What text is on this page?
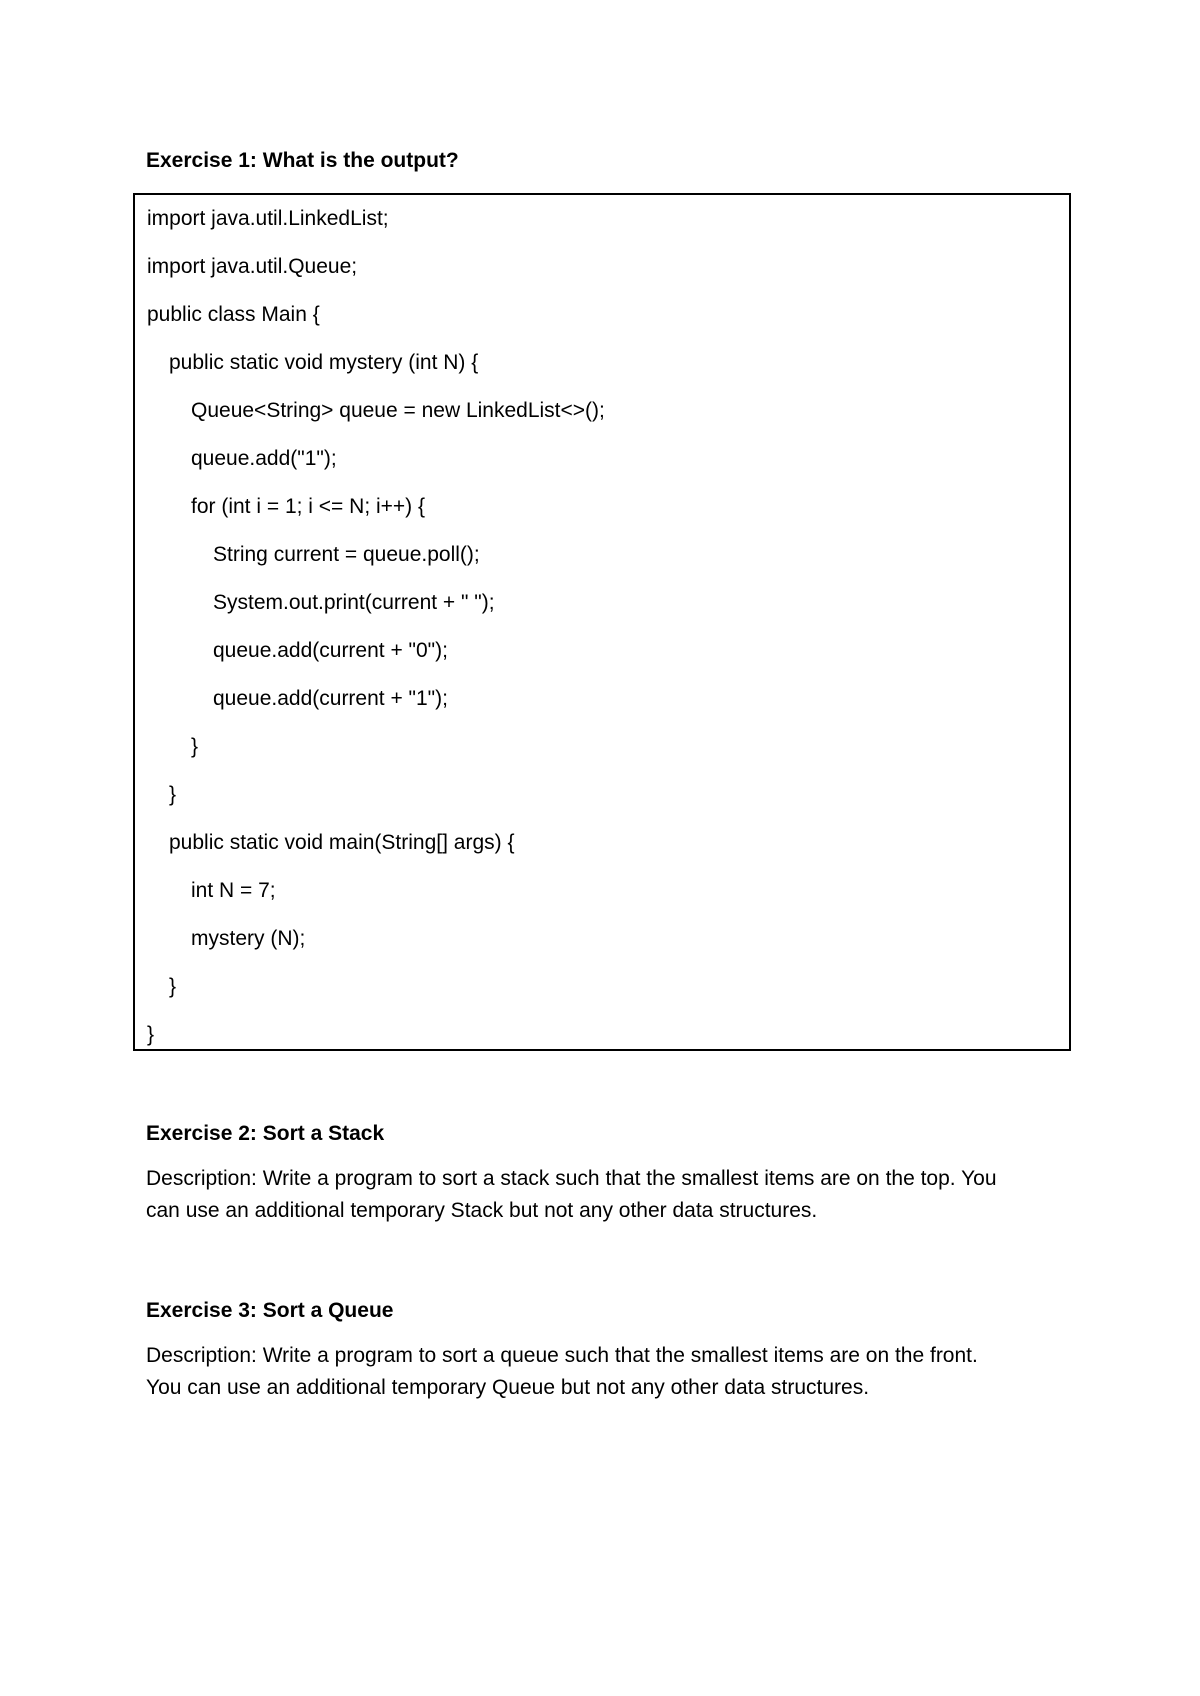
Exercise 1: What is the output?
import java.util.LinkedList;
import java.util.Queue;
public class Main {
public static void mystery (int N) {
Queue<String> queue = new LinkedList<>();
queue.add("1");
for (int i = 1; i <= N; i++) {
String current = queue.poll();
System.out.print(current + " ");
queue.add(current + "0");
queue.add(current + "1");
}
}
public static void main(String[] args) {
int N = 7;
mystery (N);
}
}
Exercise 2: Sort a Stack
Description: Write a program to sort a stack such that the smallest items are on the top. You
can use an additional temporary Stack but not any other data structures.
Exercise 3: Sort a Queue
Description: Write a program to sort a queue such that the smallest items are on the front.
You can use an additional temporary Queue but not any other data structures.
